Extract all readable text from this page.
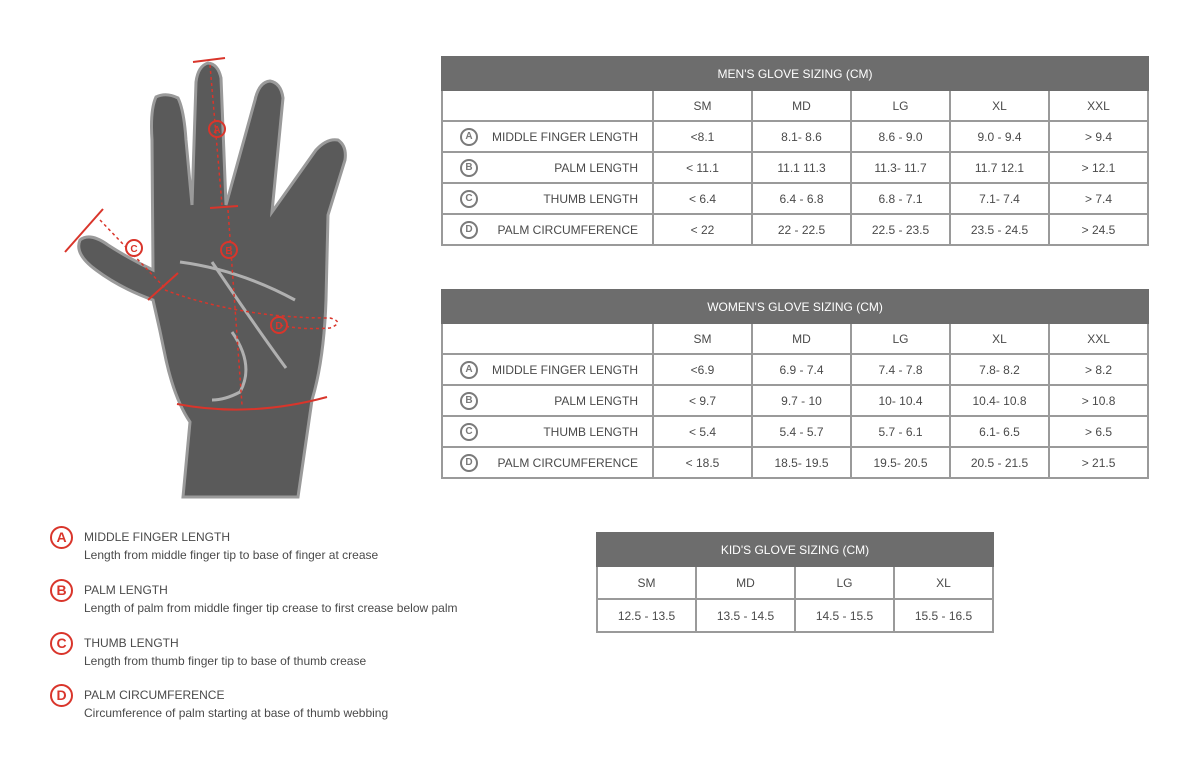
A
B
C
D
MEN'S GLOVE SIZING (CM)					
	SM	MD	LG	XL	XXL

A MIDDLE FINGER LENGTH	<8.1	8.1- 8.6	8.6 - 9.0	9.0 - 9.4	> 9.4

B PALM LENGTH	< 11.1	11.1 11.3	11.3- 11.7	11.7 12.1	> 12.1

C THUMB LENGTH	< 6.4	6.4 - 6.8	6.8 - 7.1	7.1- 7.4	> 7.4

D PALM CIRCUMFERENCE	< 22	22 - 22.5	22.5 - 23.5	23.5 - 24.5	> 24.5
WOMEN'S GLOVE SIZING (CM)					
	SM	MD	LG	XL	XXL

A MIDDLE FINGER LENGTH	<6.9	6.9 - 7.4	7.4 - 7.8	7.8- 8.2	> 8.2

B PALM LENGTH	< 9.7	9.7 - 10	10- 10.4	10.4- 10.8	> 10.8

C THUMB LENGTH	< 5.4	5.4 - 5.7	5.7 - 6.1	6.1- 6.5	> 6.5

D PALM CIRCUMFERENCE	< 18.5	18.5- 19.5	19.5- 20.5	20.5 - 21.5	> 21.5
KID'S GLOVE SIZING (CM)			
SM	MD	LG	XL
12.5 - 13.5	13.5 - 14.5	14.5 - 15.5	15.5 - 16.5
A	MIDDLE FINGER LENGTH
Length from middle finger tip to base of finger at crease
B	PALM LENGTH
Length of palm from middle finger tip crease to first crease below palm
C	THUMB LENGTH
Length from thumb finger tip to base of thumb crease
D	PALM CIRCUMFERENCE
Circumference of palm starting at base of thumb webbing
